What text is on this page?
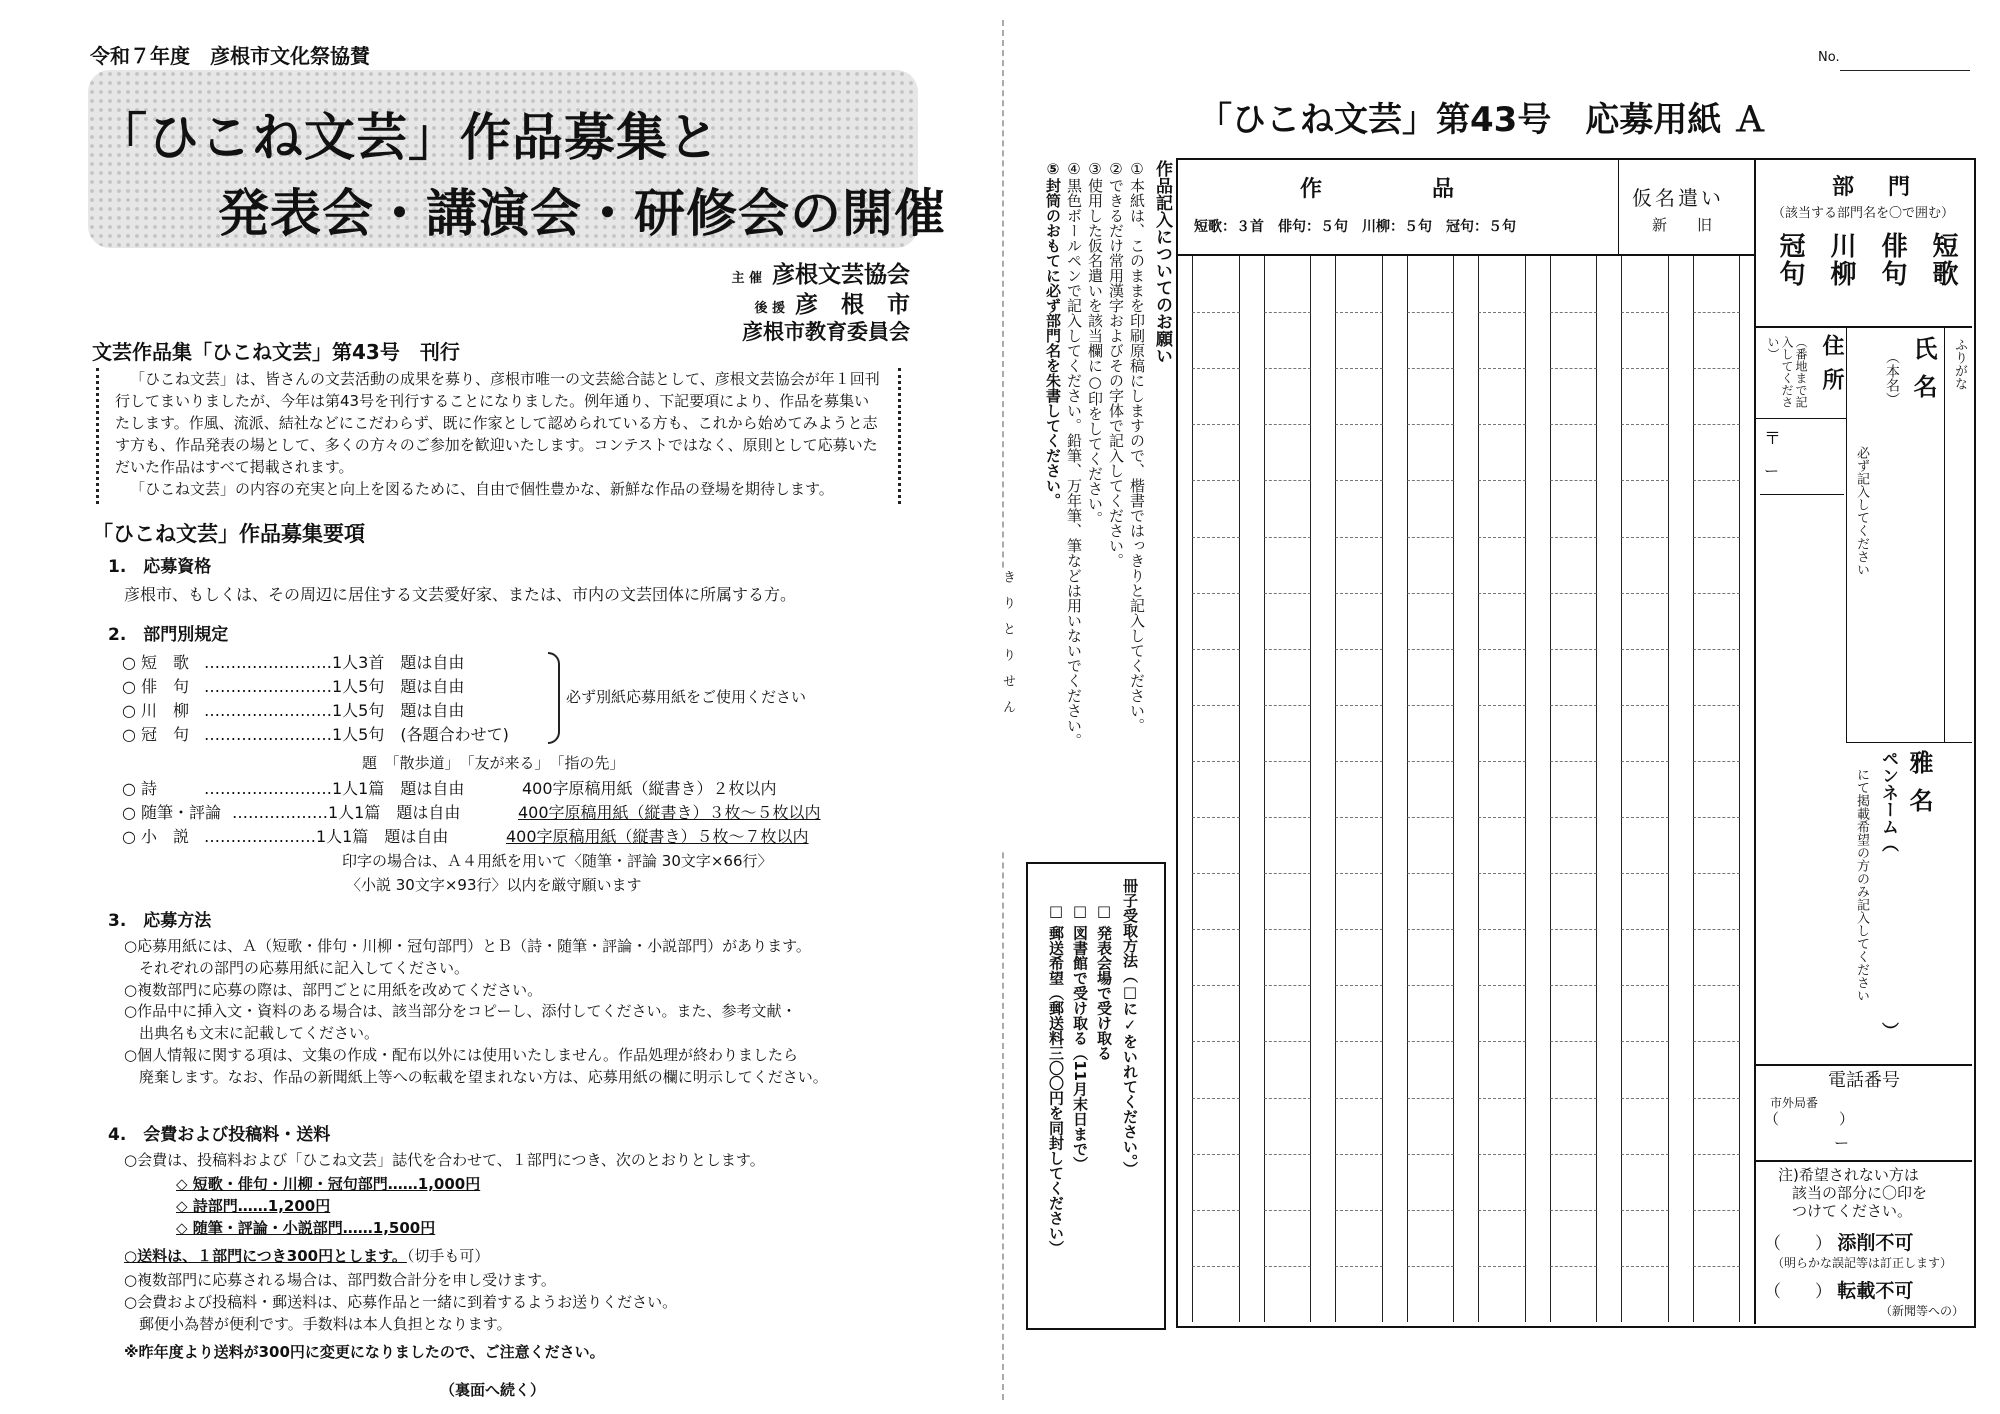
令和７年度　彦根市文化祭協賛
「ひこね文芸」作品募集と
発表会・講演会・研修会の開催
主 催 彦根文芸協会
後 援 彦　根　市
彦根市教育委員会
文芸作品集「ひこね文芸」第43号　刊行

「ひこね文芸」は、皆さんの文芸活動の成果を募り、彦根市唯一の文芸総合誌として、彦根文芸協会が年１回刊行してまいりましたが、今年は第43号を刊行することになりました。例年通り、下記要項により、作品を募集いたします。作風、流派、結社などにこだわらず、既に作家として認められている方も、これから始めてみようと志す方も、作品発表の場として、多くの方々のご参加を歓迎いたします。コンテストではなく、原則として応募いただいた作品はすべて掲載されます。

「ひこね文芸」の内容の充実と向上を図るために、自由で個性豊かな、新鮮な作品の登場を期待します。

「ひこね文芸」作品募集要項
1.　応募資格
彦根市、もしくは、その周辺に居住する文芸愛好家、または、市内の文芸団体に所属する方。
2.　部門別規定
○ 短　歌 ……………………1人3首　題は自由
○ 俳　句 ……………………1人5句　題は自由
○ 川　柳 ……………………1人5句　題は自由
○ 冠　句 ……………………1人5句　(各題合わせて)
必ず別紙応募用紙をご使用ください
題　「散歩道」　「友が来る」　「指の先」
○ 詩	……………………1人1篇　題は自由	400字原稿用紙（縦書き）２枚以内
○ 随筆・評論 ………………1人1篇　題は自由	400字原稿用紙（縦書き）３枚〜５枚以内
○ 小　説 …………………1人1篇　題は自由	400字原稿用紙（縦書き）５枚〜７枚以内
印字の場合は、Ａ４用紙を用いて〈随筆・評論 30文字×66行〉
〈小説 30文字×93行〉以内を厳守願います
3.　応募方法
○応募用紙には、Ａ（短歌・俳句・川柳・冠句部門）とＢ（詩・随筆・評論・小説部門）があります。
　それぞれの部門の応募用紙に記入してください。
○複数部門に応募の際は、部門ごとに用紙を改めてください。
○作品中に挿入文・資料のある場合は、該当部分をコピーし、添付してください。また、参考文献・
　出典名も文末に記載してください。
○個人情報に関する項は、文集の作成・配布以外には使用いたしません。作品処理が終わりましたら
　廃棄します。なお、作品の新聞紙上等への転載を望まれない方は、応募用紙の欄に明示してください。
4.　会費および投稿料・送料
○会費は、投稿料および「ひこね文芸」誌代を合わせて、１部門につき、次のとおりとします。
◇ 短歌・俳句・川柳・冠句部門……1,000円
◇ 詩部門……1,200円
◇ 随筆・評論・小説部門……1,500円
○送料は、１部門につき300円とします。（切手も可）
○複数部門に応募される場合は、部門数合計分を申し受けます。
○会費および投稿料・郵送料は、応募作品と一緒に到着するようお送りください。
　郵便小為替が便利です。手数料は本人負担となります。
※昨年度より送料が300円に変更になりましたので、ご注意ください。
（裏面へ続く）
No.
「ひこね文芸」第43号　応募用紙 Ａ
作品記入についてのお願い
①本紙は、このままを印刷原稿にしますので、楷書ではっきりと記入してください。
②できるだけ常用漢字およびその字体で記入してください。
③使用した仮名遣いを該当欄に○印をしてください。
④黒色ボールペンで記入してください。鉛筆、万年筆、筆などは用いないでください。
⑤封筒のおもてに必ず部門名を朱書してください。
き　り　と　り　せ　ん
冊子受取方法（□に✓をいれてください。）
□ 発表会場で受け取る
□ 図書館で受け取る（11月末日まで）
□ 郵送希望（郵送料三〇〇円を同封してください）
作　　　　　品
短歌：３首　俳句：５句　川柳：５句　冠句：５句
仮名遣い
新　　旧
部　門
（該当する部門名を〇で囲む）
短歌
俳句
川柳
冠句
ふりがな
氏名
（本名）
住所
（番地まで記入してください）
〒
ー	必ず記入してください
雅名
ペンネーム（
）
にて掲載希望の方のみ記入してください
電話番号
市外局番
（　　　　）
ー
注)希望されない方は
該当の部分に〇印を
つけてください。
（　　） 添削不可
（明らかな誤記等は訂正します）
（　　） 転載不可
（新聞等への）
